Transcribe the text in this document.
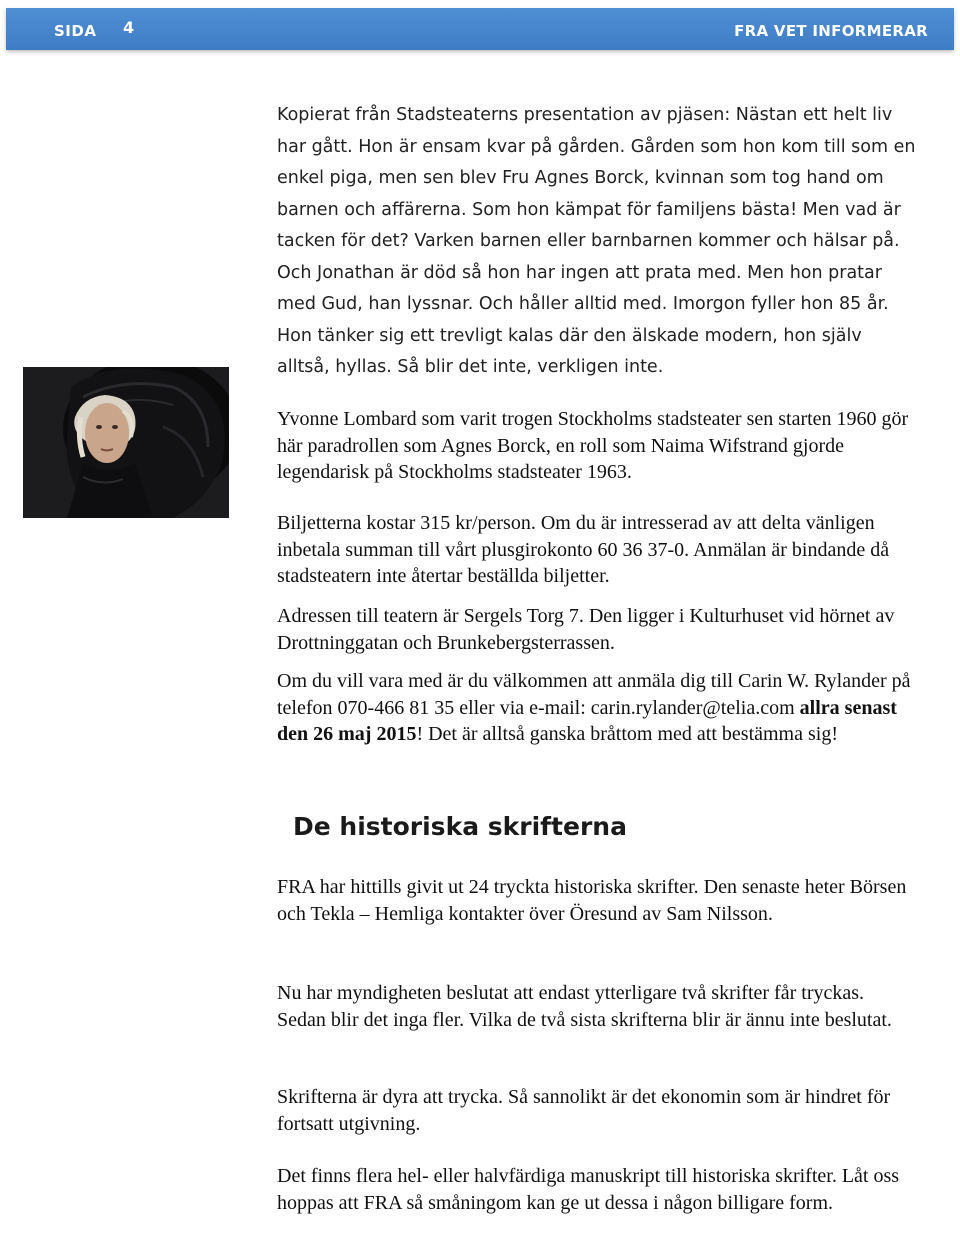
SIDA 4	FRA VET INFORMERAR

Kopierat från Stadsteaterns presentation av pjäsen: Nästan ett helt liv har gått. Hon är ensam kvar på gården. Gården som hon kom till som en enkel piga, men sen blev Fru Agnes Borck, kvinnan som tog hand om barnen och affärerna. Som hon kämpat för familjens bästa! Men vad är tacken för det? Varken barnen eller barnbarnen kommer och hälsar på. Och Jonathan är död så hon har ingen att prata med. Men hon pratar med Gud, han lyssnar. Och håller alltid med. Imorgon fyller hon 85 år. Hon tänker sig ett trevligt kalas där den älskade modern, hon själv alltså, hyllas. Så blir det inte, verkligen inte.

Yvonne Lombard som varit trogen Stockholms stadsteater sen starten 1960 gör här paradrollen som Agnes Borck, en roll som Naima Wifstrand gjorde legendarisk på Stockholms stadsteater 1963.

Biljetterna kostar 315 kr/person. Om du är intresserad av att delta vänligen inbetala summan till vårt plusgirokonto 60 36 37-0. Anmälan är bindande då stadsteatern inte återtar beställda biljetter.

Adressen till teatern är Sergels Torg 7. Den ligger i Kulturhuset vid hörnet av Drottninggatan och Brunkebergsterrassen.

Om du vill vara med är du välkommen att anmäla dig till Carin W. Rylander på telefon 070-466 81 35 eller via e-mail: carin.rylander@telia.com allra senast den 26 maj 2015! Det är alltså ganska bråttom med att bestämma sig!

De historiska skrifterna

FRA har hittills givit ut 24 tryckta historiska skrifter. Den senaste heter Börsen och Tekla – Hemliga kontakter över Öresund av Sam Nilsson.

Nu har myndigheten beslutat att endast ytterligare två skrifter får tryckas. Sedan blir det inga fler. Vilka de två sista skrifterna blir är ännu inte beslutat.

Skrifterna är dyra att trycka. Så sannolikt är det ekonomin som är hindret för fortsatt utgivning.

Det finns flera hel- eller halvfärdiga manuskript till historiska skrifter. Låt oss hoppas att FRA så småningom kan ge ut dessa i någon billigare form.
